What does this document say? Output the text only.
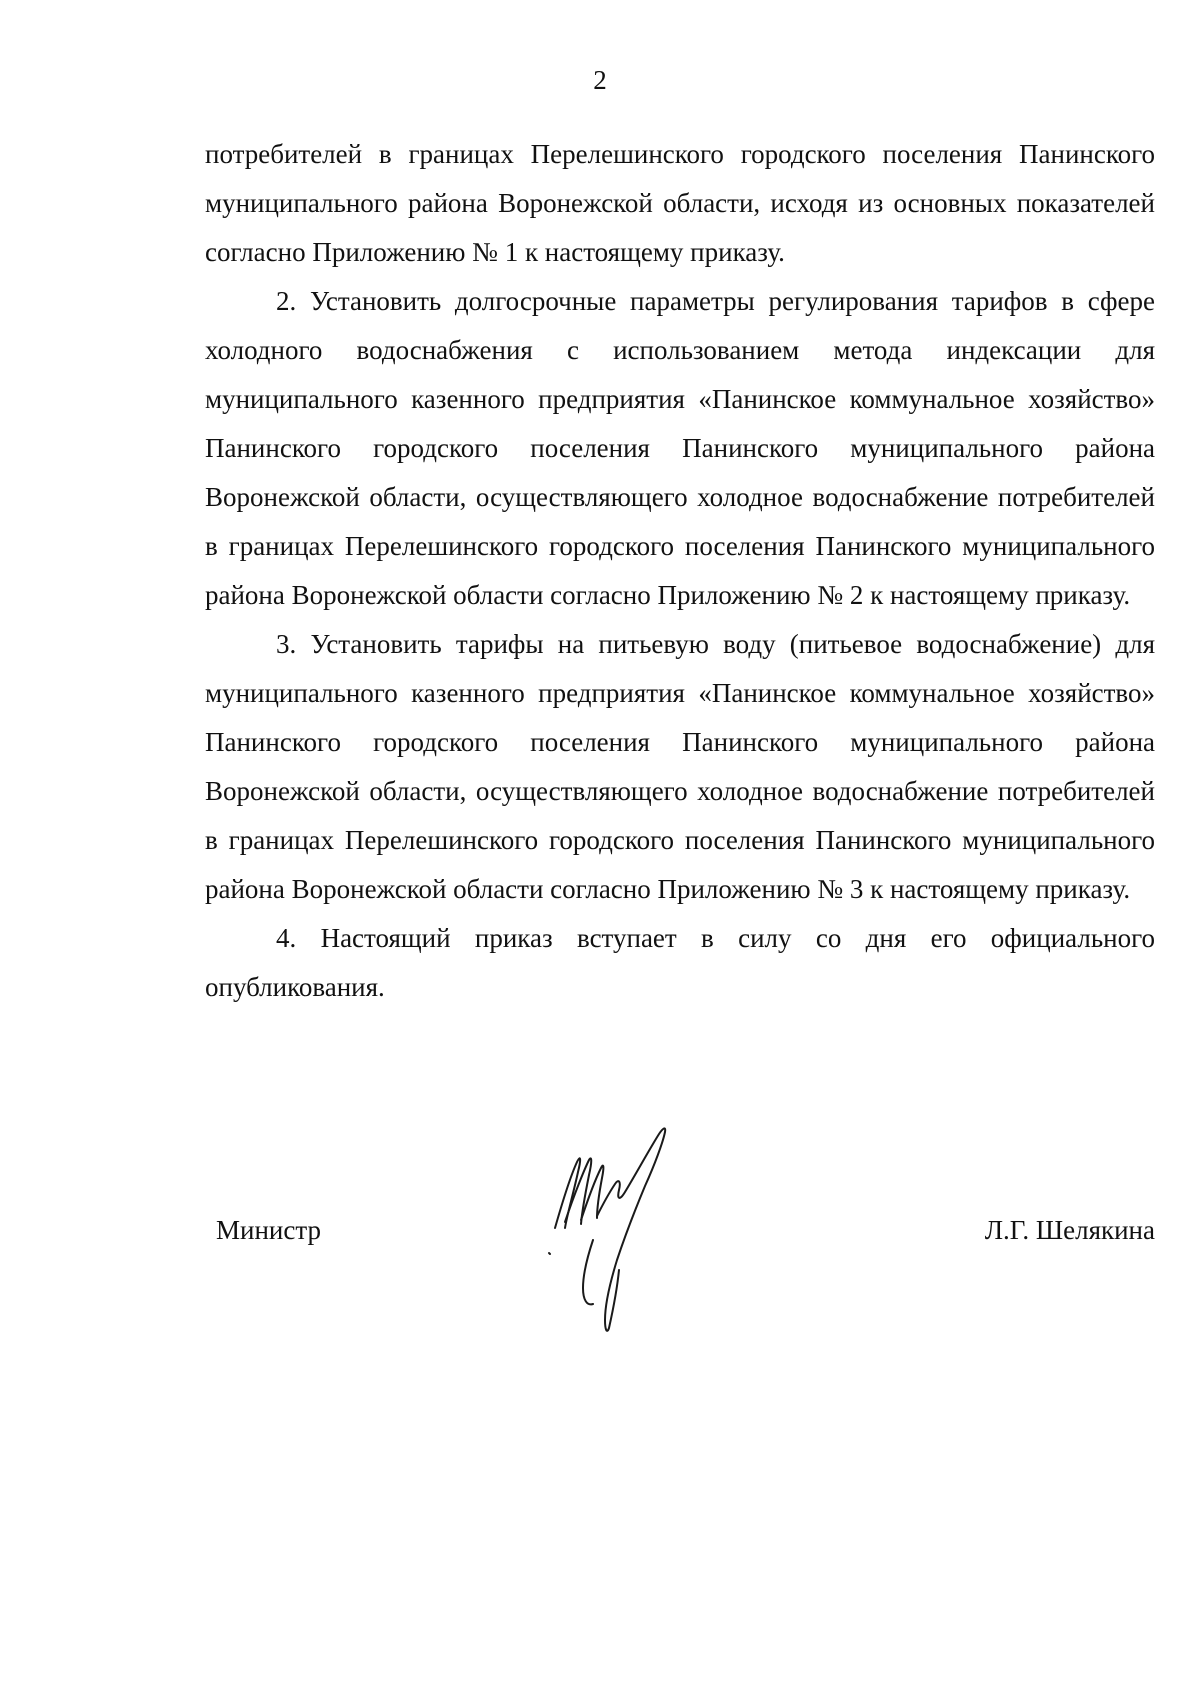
2

потребителей в границах Перелешинского городского поселения Панинского муниципального района Воронежской области, исходя из основных показателей согласно Приложению № 1 к настоящему приказу.

2. Установить долгосрочные параметры регулирования тарифов в сфере холодного водоснабжения с использованием метода индексации для муниципального казенного предприятия «Панинское коммунальное хозяйство» Панинского городского поселения Панинского муниципального района Воронежской области, осуществляющего холодное водоснабжение потребителей в границах Перелешинского городского поселения Панинского муниципального района Воронежской области согласно Приложению № 2 к настоящему приказу.

3. Установить тарифы на питьевую воду (питьевое водоснабжение) для муниципального казенного предприятия «Панинское коммунальное хозяйство» Панинского городского поселения Панинского муниципального района Воронежской области, осуществляющего холодное водоснабжение потребителей в границах Перелешинского городского поселения Панинского муниципального района Воронежской области согласно Приложению № 3 к настоящему приказу.

4. Настоящий приказ вступает в силу со дня его официального опубликования.

Министр	Л.Г. Шелякина
